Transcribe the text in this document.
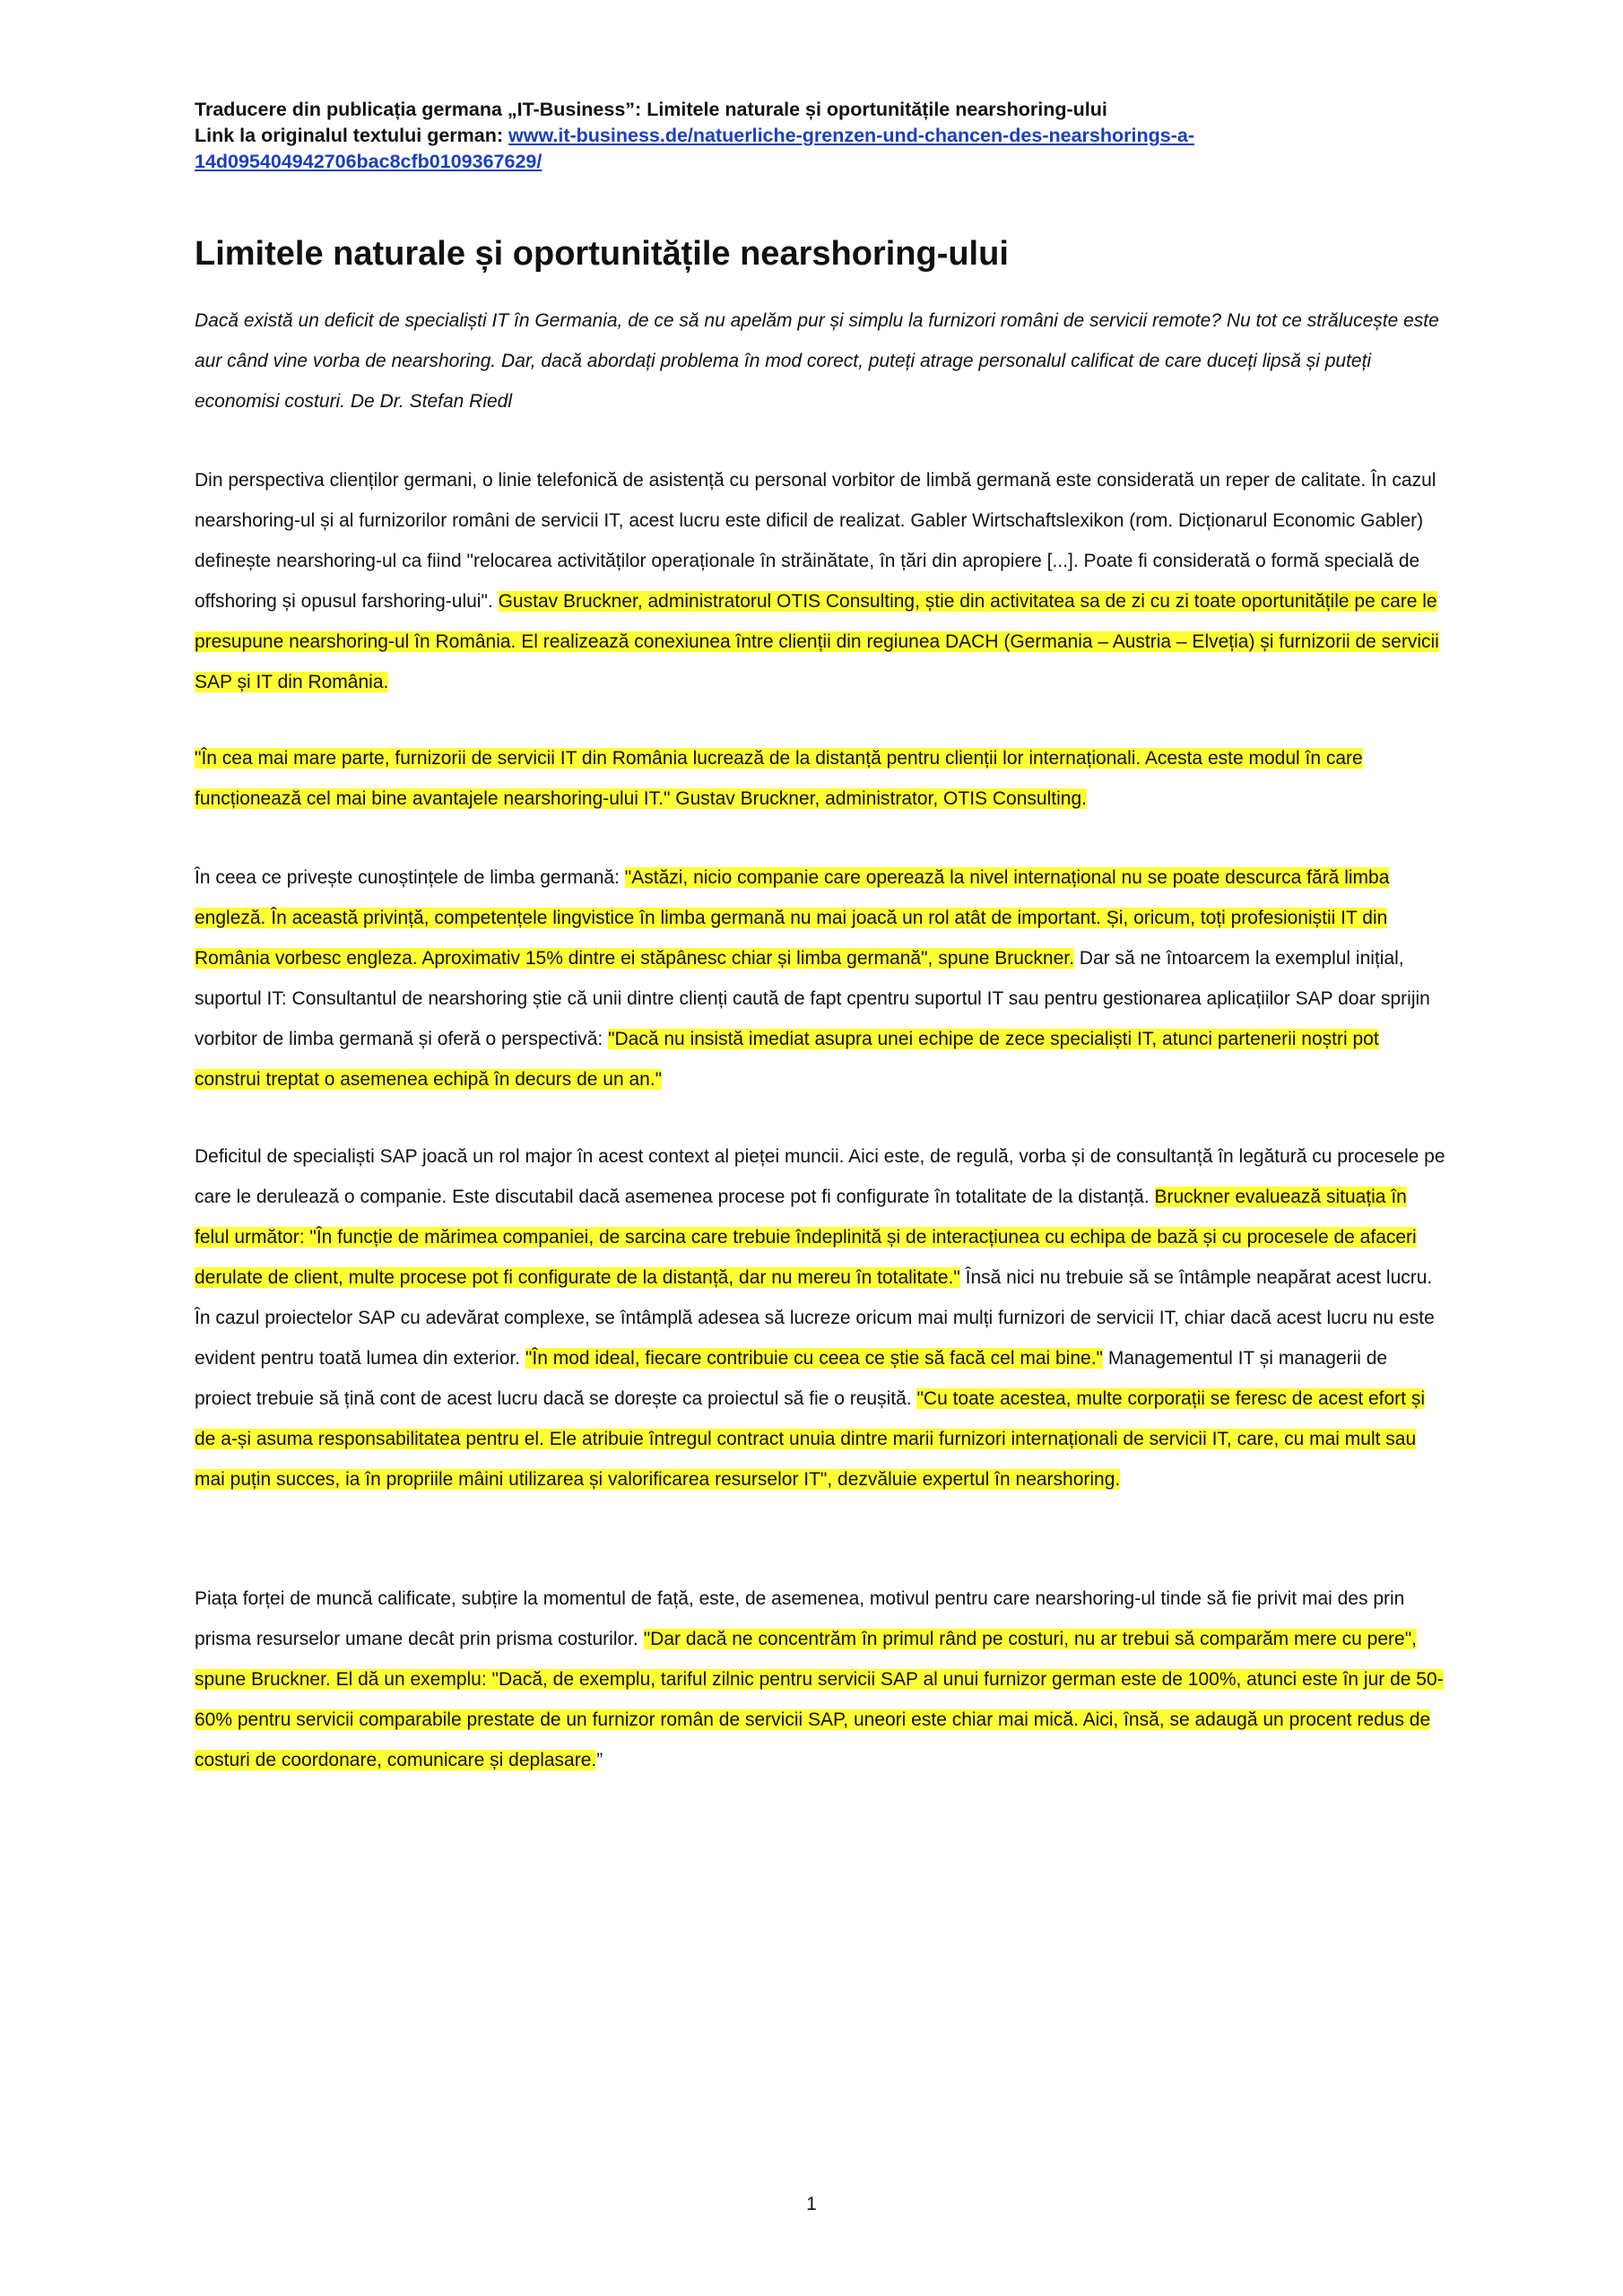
Traducere din publicația germana „IT-Business”: Limitele naturale și oportunitățile nearshoring-ului
Link la originalul textului german: www.it-business.de/natuerliche-grenzen-und-chancen-des-nearshorings-a-14d095404942706bac8cfb0109367629/
Limitele naturale și oportunitățile nearshoring-ului

Dacă există un deficit de specialiști IT în Germania, de ce să nu apelăm pur și simplu la furnizori români de servicii remote? Nu tot ce strălucește este aur când vine vorba de nearshoring. Dar, dacă abordați problema în mod corect, puteți atrage personalul calificat de care duceți lipsă și puteți economisi costuri. De Dr. Stefan Riedl

Din perspectiva clienților germani, o linie telefonică de asistență cu personal vorbitor de limbă germană este considerată un reper de calitate. În cazul nearshoring-ul și al furnizorilor români de servicii IT, acest lucru este dificil de realizat. Gabler Wirtschaftslexikon (rom. Dicționarul Economic Gabler) definește nearshoring-ul ca fiind "relocarea activităților operaționale în străinătate, în țări din apropiere [...]. Poate fi considerată o formă specială de offshoring și opusul farshoring-ului". Gustav Bruckner, administratorul OTIS Consulting, știe din activitatea sa de zi cu zi toate oportunitățile pe care le presupune nearshoring-ul în România. El realizează conexiunea între clienții din regiunea DACH (Germania – Austria – Elveția) și furnizorii de servicii SAP și IT din România.

"În cea mai mare parte, furnizorii de servicii IT din România lucrează de la distanță pentru clienții lor internaționali. Acesta este modul în care funcționează cel mai bine avantajele nearshoring-ului IT." Gustav Bruckner, administrator, OTIS Consulting.

În ceea ce privește cunoștințele de limba germană: "Astăzi, nicio companie care operează la nivel internațional nu se poate descurca fără limba engleză. În această privință, competențele lingvistice în limba germană nu mai joacă un rol atât de important. Și, oricum, toți profesioniștii IT din România vorbesc engleza. Aproximativ 15% dintre ei stăpânesc chiar și limba germană", spune Bruckner. Dar să ne întoarcem la exemplul inițial, suportul IT: Consultantul de nearshoring știe că unii dintre clienți caută de fapt cpentru suportul IT sau pentru gestionarea aplicațiilor SAP doar sprijin vorbitor de limba germană și oferă o perspectivă: "Dacă nu insistă imediat asupra unei echipe de zece specialiști IT, atunci partenerii noștri pot construi treptat o asemenea echipă în decurs de un an."

Deficitul de specialiști SAP joacă un rol major în acest context al pieței muncii. Aici este, de regulă, vorba și de consultanță în legătură cu procesele pe care le derulează o companie. Este discutabil dacă asemenea procese pot fi configurate în totalitate de la distanță. Bruckner evaluează situația în felul următor: "În funcție de mărimea companiei, de sarcina care trebuie îndeplinită și de interacțiunea cu echipa de bază și cu procesele de afaceri derulate de client, multe procese pot fi configurate de la distanță, dar nu mereu în totalitate." Însă nici nu trebuie să se întâmple neapărat acest lucru. În cazul proiectelor SAP cu adevărat complexe, se întâmplă adesea să lucreze oricum mai mulți furnizori de servicii IT, chiar dacă acest lucru nu este evident pentru toată lumea din exterior. "În mod ideal, fiecare contribuie cu ceea ce știe să facă cel mai bine." Managementul IT și managerii de proiect trebuie să țină cont de acest lucru dacă se dorește ca proiectul să fie o reușită. "Cu toate acestea, multe corporații se feresc de acest efort și de a-și asuma responsabilitatea pentru el. Ele atribuie întregul contract unuia dintre marii furnizori internaționali de servicii IT, care, cu mai mult sau mai puțin succes, ia în propriile mâini utilizarea și valorificarea resurselor IT", dezvăluie expertul în nearshoring.

Piața forței de muncă calificate, subțire la momentul de față, este, de asemenea, motivul pentru care nearshoring-ul tinde să fie privit mai des prin prisma resurselor umane decât prin prisma costurilor. "Dar dacă ne concentrăm în primul rând pe costuri, nu ar trebui să comparăm mere cu pere", spune Bruckner. El dă un exemplu: "Dacă, de exemplu, tariful zilnic pentru servicii SAP al unui furnizor german este de 100%, atunci este în jur de 50-60% pentru servicii comparabile prestate de un furnizor român de servicii SAP, uneori este chiar mai mică. Aici, însă, se adaugă un procent redus de costuri de coordonare, comunicare și deplasare.”

1
